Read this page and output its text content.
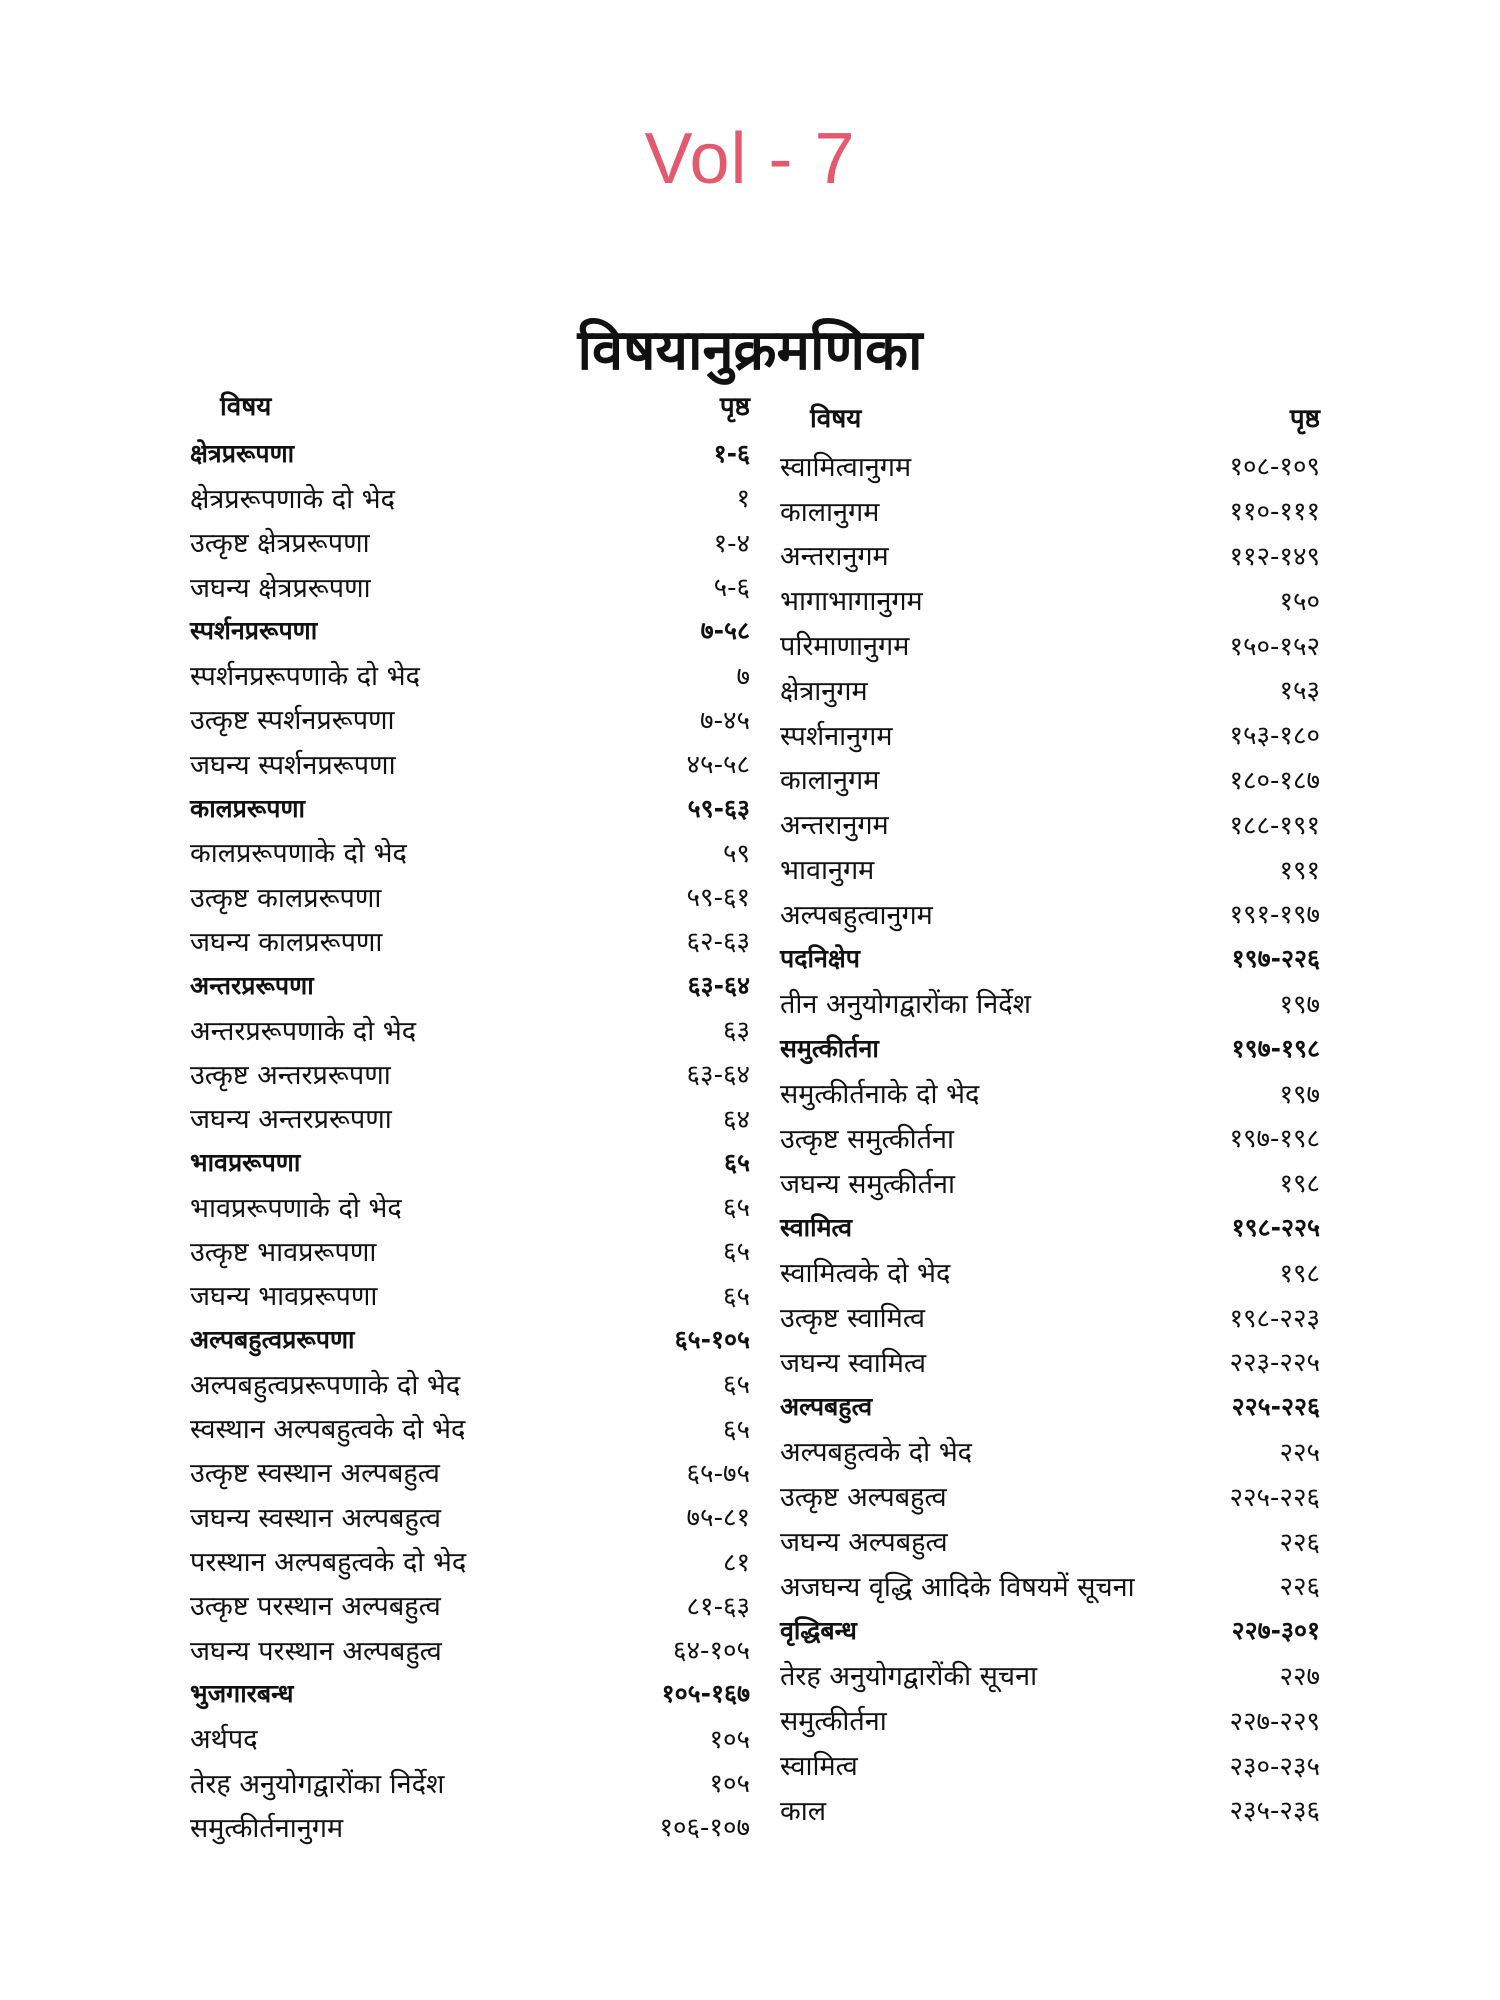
Vol - 7
विषयानुक्रमणिका
विषय	पृष्ठ
क्षेत्रप्ररूपणा	१-६
क्षेत्रप्ररूपणाके दो भेद	१
उत्कृष्ट क्षेत्रप्ररूपणा	१-४
जघन्य क्षेत्रप्ररूपणा	५-६
स्पर्शनप्ररूपणा	७-५८
स्पर्शनप्ररूपणाके दो भेद	७
उत्कृष्ट स्पर्शनप्ररूपणा	७-४५
जघन्य स्पर्शनप्ररूपणा	४५-५८
कालप्ररूपणा	५९-६३
कालप्ररूपणाके दो भेद	५९
उत्कृष्ट कालप्ररूपणा	५९-६१
जघन्य कालप्ररूपणा	६२-६३
अन्तरप्ररूपणा	६३-६४
अन्तरप्ररूपणाके दो भेद	६३
उत्कृष्ट अन्तरप्ररूपणा	६३-६४
जघन्य अन्तरप्ररूपणा	६४
भावप्ररूपणा	६५
भावप्ररूपणाके दो भेद	६५
उत्कृष्ट भावप्ररूपणा	६५
जघन्य भावप्ररूपणा	६५
अल्पबहुत्वप्ररूपणा	६५-१०५
अल्पबहुत्वप्ररूपणाके दो भेद	६५
स्वस्थान अल्पबहुत्वके दो भेद	६५
उत्कृष्ट स्वस्थान अल्पबहुत्व	६५-७५
जघन्य स्वस्थान अल्पबहुत्व	७५-८१
परस्थान अल्पबहुत्वके दो भेद	८१
उत्कृष्ट परस्थान अल्पबहुत्व	८१-६३
जघन्य परस्थान अल्पबहुत्व	६४-१०५
भुजगारबन्ध	१०५-१६७
अर्थपद	१०५
तेरह अनुयोगद्वारोंका निर्देश	१०५
समुत्कीर्तनानुगम	१०६-१०७
विषय	पृष्ठ
स्वामित्वानुगम	१०८-१०९
कालानुगम	११०-१११
अन्तरानुगम	११२-१४९
भागाभागानुगम	१५०
परिमाणानुगम	१५०-१५२
क्षेत्रानुगम	१५३
स्पर्शनानुगम	१५३-१८०
कालानुगम	१८०-१८७
अन्तरानुगम	१८८-१९१
भावानुगम	१९१
अल्पबहुत्वानुगम	१९१-१९७
पदनिक्षेप	१९७-२२६
तीन अनुयोगद्वारोंका निर्देश	१९७
समुत्कीर्तना	१९७-१९८
समुत्कीर्तनाके दो भेद	१९७
उत्कृष्ट समुत्कीर्तना	१९७-१९८
जघन्य समुत्कीर्तना	१९८
स्वामित्व	१९८-२२५
स्वामित्वके दो भेद	१९८
उत्कृष्ट स्वामित्व	१९८-२२३
जघन्य स्वामित्व	२२३-२२५
अल्पबहुत्व	२२५-२२६
अल्पबहुत्वके दो भेद	२२५
उत्कृष्ट अल्पबहुत्व	२२५-२२६
जघन्य अल्पबहुत्व	२२६
अजघन्य वृद्धि आदिके विषयमें सूचना	२२६
वृद्धिबन्ध	२२७-३०१
तेरह अनुयोगद्वारोंकी सूचना	२२७
समुत्कीर्तना	२२७-२२९
स्वामित्व	२३०-२३५
काल	२३५-२३६
